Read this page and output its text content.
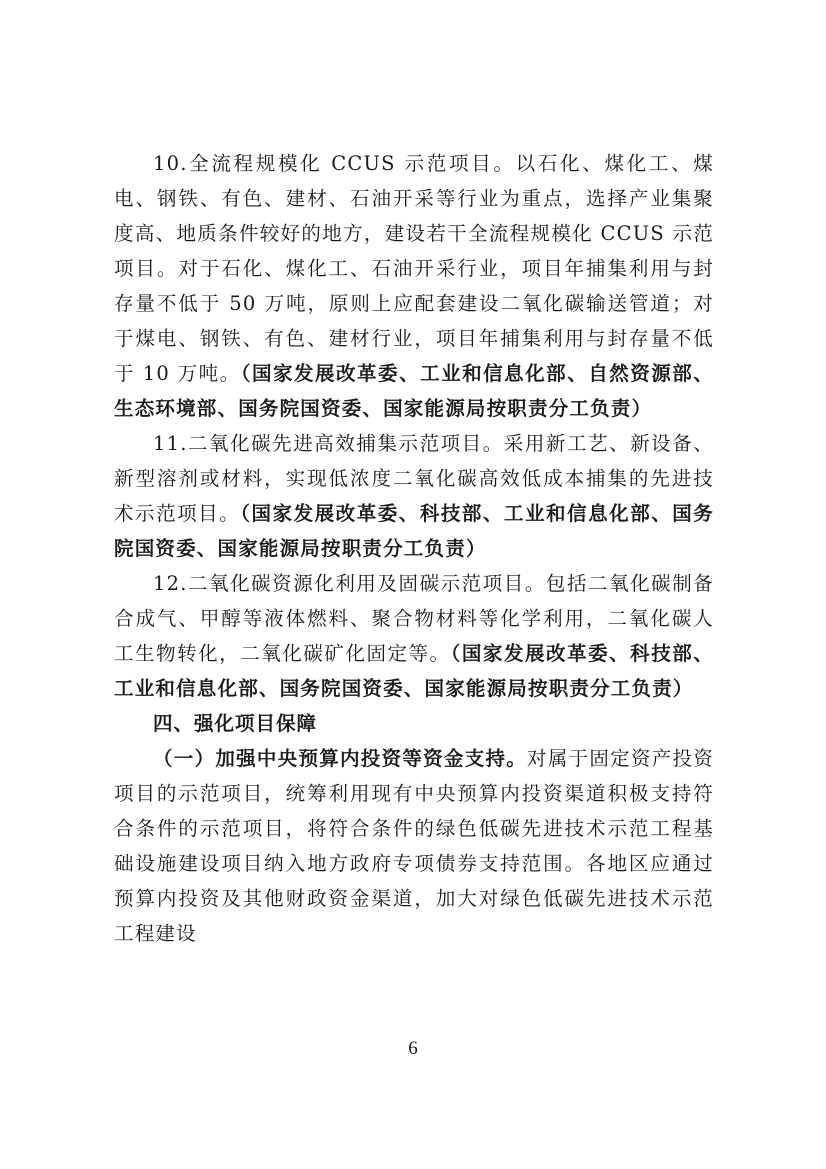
10.全流程规模化 CCUS 示范项目。以石化、煤化工、煤电、钢铁、有色、建材、石油开采等行业为重点，选择产业集聚度高、地质条件较好的地方，建设若干全流程规模化 CCUS 示范项目。对于石化、煤化工、石油开采行业，项目年捕集利用与封存量不低于 50 万吨，原则上应配套建设二氧化碳输送管道；对于煤电、钢铁、有色、建材行业，项目年捕集利用与封存量不低于 10 万吨。（国家发展改革委、工业和信息化部、自然资源部、生态环境部、国务院国资委、国家能源局按职责分工负责）

11.二氧化碳先进高效捕集示范项目。采用新工艺、新设备、新型溶剂或材料，实现低浓度二氧化碳高效低成本捕集的先进技术示范项目。（国家发展改革委、科技部、工业和信息化部、国务院国资委、国家能源局按职责分工负责）

12.二氧化碳资源化利用及固碳示范项目。包括二氧化碳制备合成气、甲醇等液体燃料、聚合物材料等化学利用，二氧化碳人工生物转化，二氧化碳矿化固定等。（国家发展改革委、科技部、工业和信息化部、国务院国资委、国家能源局按职责分工负责）

四、强化项目保障

（一）加强中央预算内投资等资金支持。对属于固定资产投资项目的示范项目，统筹利用现有中央预算内投资渠道积极支持符合条件的示范项目，将符合条件的绿色低碳先进技术示范工程基础设施建设项目纳入地方政府专项债券支持范围。各地区应通过预算内投资及其他财政资金渠道，加大对绿色低碳先进技术示范工程建设

6
